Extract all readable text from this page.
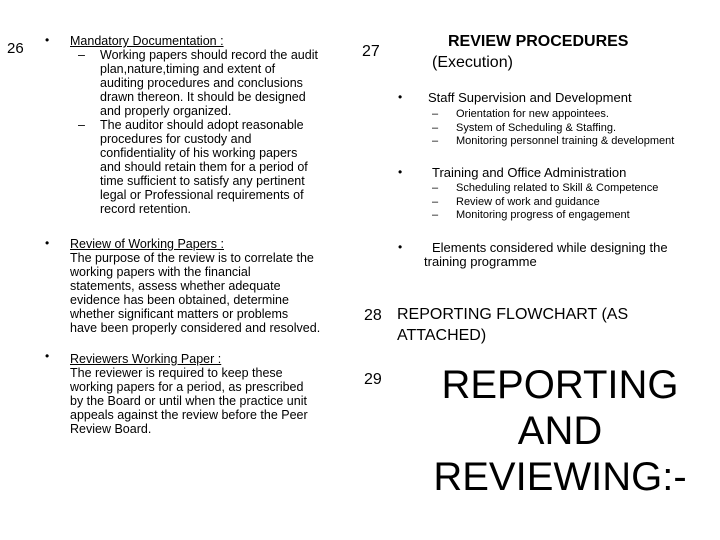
26 • Mandatory Documentation :
–	Working papers should record the audit
plan,nature,timing and extent of
auditing procedures and conclusions
drawn thereon. It should be designed
and properly organized.
–	The auditor should adopt reasonable
procedures for custody and
confidentiality of his working papers
and should retain them for a period of
time sufficient to satisfy any pertinent
legal or Professional requirements of
record retention.
• Review of Working Papers :
The purpose of the review is to correlate the
working papers with the financial
statements, assess whether adequate
evidence has been obtained, determine
whether significant matters or problems
have been properly considered and resolved.
• Reviewers Working Paper :
The reviewer is required to keep these
working papers for a period, as prescribed
by the Board or until when the practice unit
appeals against the review before the Peer
Review Board.
27
REVIEW PROCEDURES
(Execution)
• Staff Supervision and Development
–	Orientation for new appointees.
–	System of Scheduling & Staffing.
–	Monitoring personnel training & development
• Training and Office Administration
–	Scheduling related to Skill & Competence
–	Review of work and guidance
–	Monitoring progress of engagement
• Elements considered while designing the
training programme
28 REPORTING FLOWCHART (AS
ATTACHED)
29	REPORTING
AND
REVIEWING:-
